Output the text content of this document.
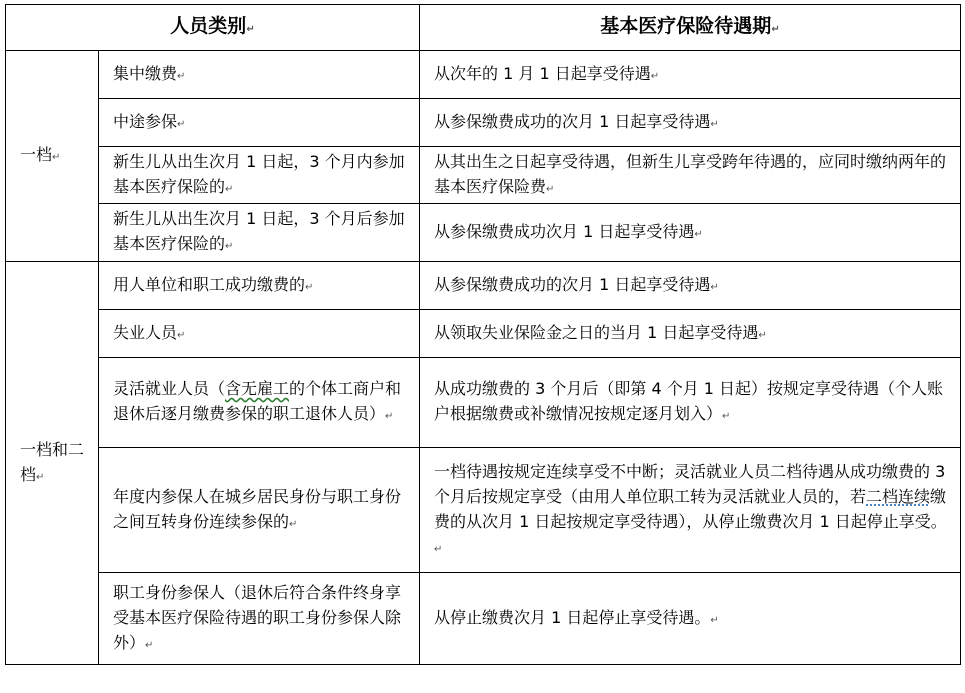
人员类别↵		基本医疗保险待遇期↵
一档↵	集中缴费↵	从次年的 1 月 1 日起享受待遇↵
	中途参保↵	从参保缴费成功的次月 1 日起享受待遇↵
	新生儿从出生次月 1 日起，3 个月内参加基本医疗保险的↵	从其出生之日起享受待遇，但新生儿享受跨年待遇的，应同时缴纳两年的基本医疗保险费↵
	新生儿从出生次月 1 日起，3 个月后参加基本医疗保险的↵	从参保缴费成功次月 1 日起享受待遇↵
一档和二档↵	用人单位和职工成功缴费的↵	从参保缴费成功的次月 1 日起享受待遇↵
	失业人员↵	从领取失业保险金之日的当月 1 日起享受待遇↵
	灵活就业人员（含无雇工的个体工商户和退休后逐月缴费参保的职工退休人员）↵	从成功缴费的 3 个月后（即第 4 个月 1 日起）按规定享受待遇（个人账户根据缴费或补缴情况按规定逐月划入）↵
	年度内参保人在城乡居民身份与职工身份之间互转身份连续参保的↵	一档待遇按规定连续享受不中断；灵活就业人员二档待遇从成功缴费的 3 个月后按规定享受（由用人单位职工转为灵活就业人员的，若二档连续缴费的从次月 1 日起按规定享受待遇），从停止缴费次月 1 日起停止享受。↵
	职工身份参保人（退休后符合条件终身享受基本医疗保险待遇的职工身份参保人除外）↵	从停止缴费次月 1 日起停止享受待遇。↵
